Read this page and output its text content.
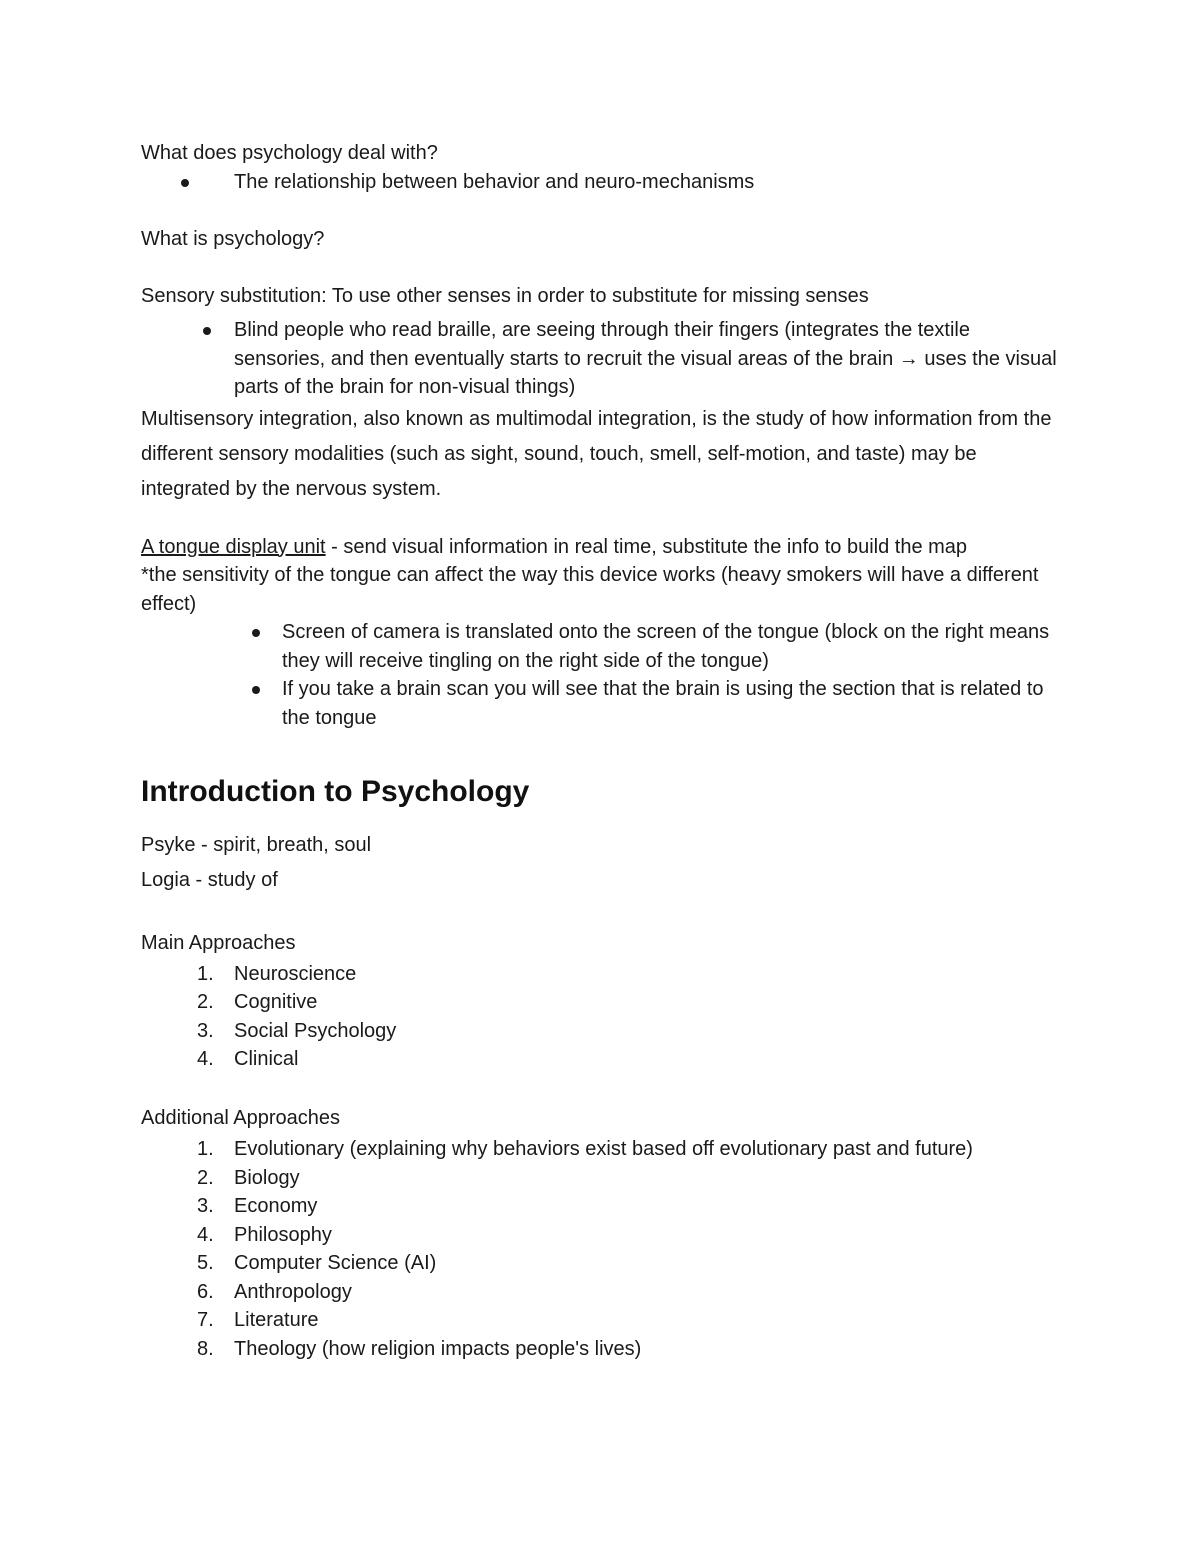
What does psychology deal with?

The relationship between behavior and neuro-mechanisms

What is psychology?

Sensory substitution: To use other senses in order to substitute for missing senses

Blind people who read braille, are seeing through their fingers (integrates the textile sensories, and then eventually starts to recruit the visual areas of the brain → uses the visual parts of the brain for non-visual things)

Multisensory integration, also known as multimodal integration, is the study of how information from the different sensory modalities (such as sight, sound, touch, smell, self-motion, and taste) may be integrated by the nervous system.

A tongue display unit - send visual information in real time, substitute the info to build the map

*the sensitivity of the tongue can affect the way this device works (heavy smokers will have a different effect)

Screen of camera is translated onto the screen of the tongue (block on the right means they will receive tingling on the right side of the tongue)
If you take a brain scan you will see that the brain is using the section that is related to the tongue
Introduction to Psychology

Psyke - spirit, breath, soul

Logia - study of

Main Approaches

1.	Neuroscience
2.	Cognitive
3.	Social Psychology
4.	Clinical

Additional Approaches

1.	Evolutionary (explaining why behaviors exist based off evolutionary past and future)
2.	Biology
3.	Economy
4.	Philosophy
5.	Computer Science (AI)
6.	Anthropology
7.	Literature
8.	Theology (how religion impacts people's lives)
